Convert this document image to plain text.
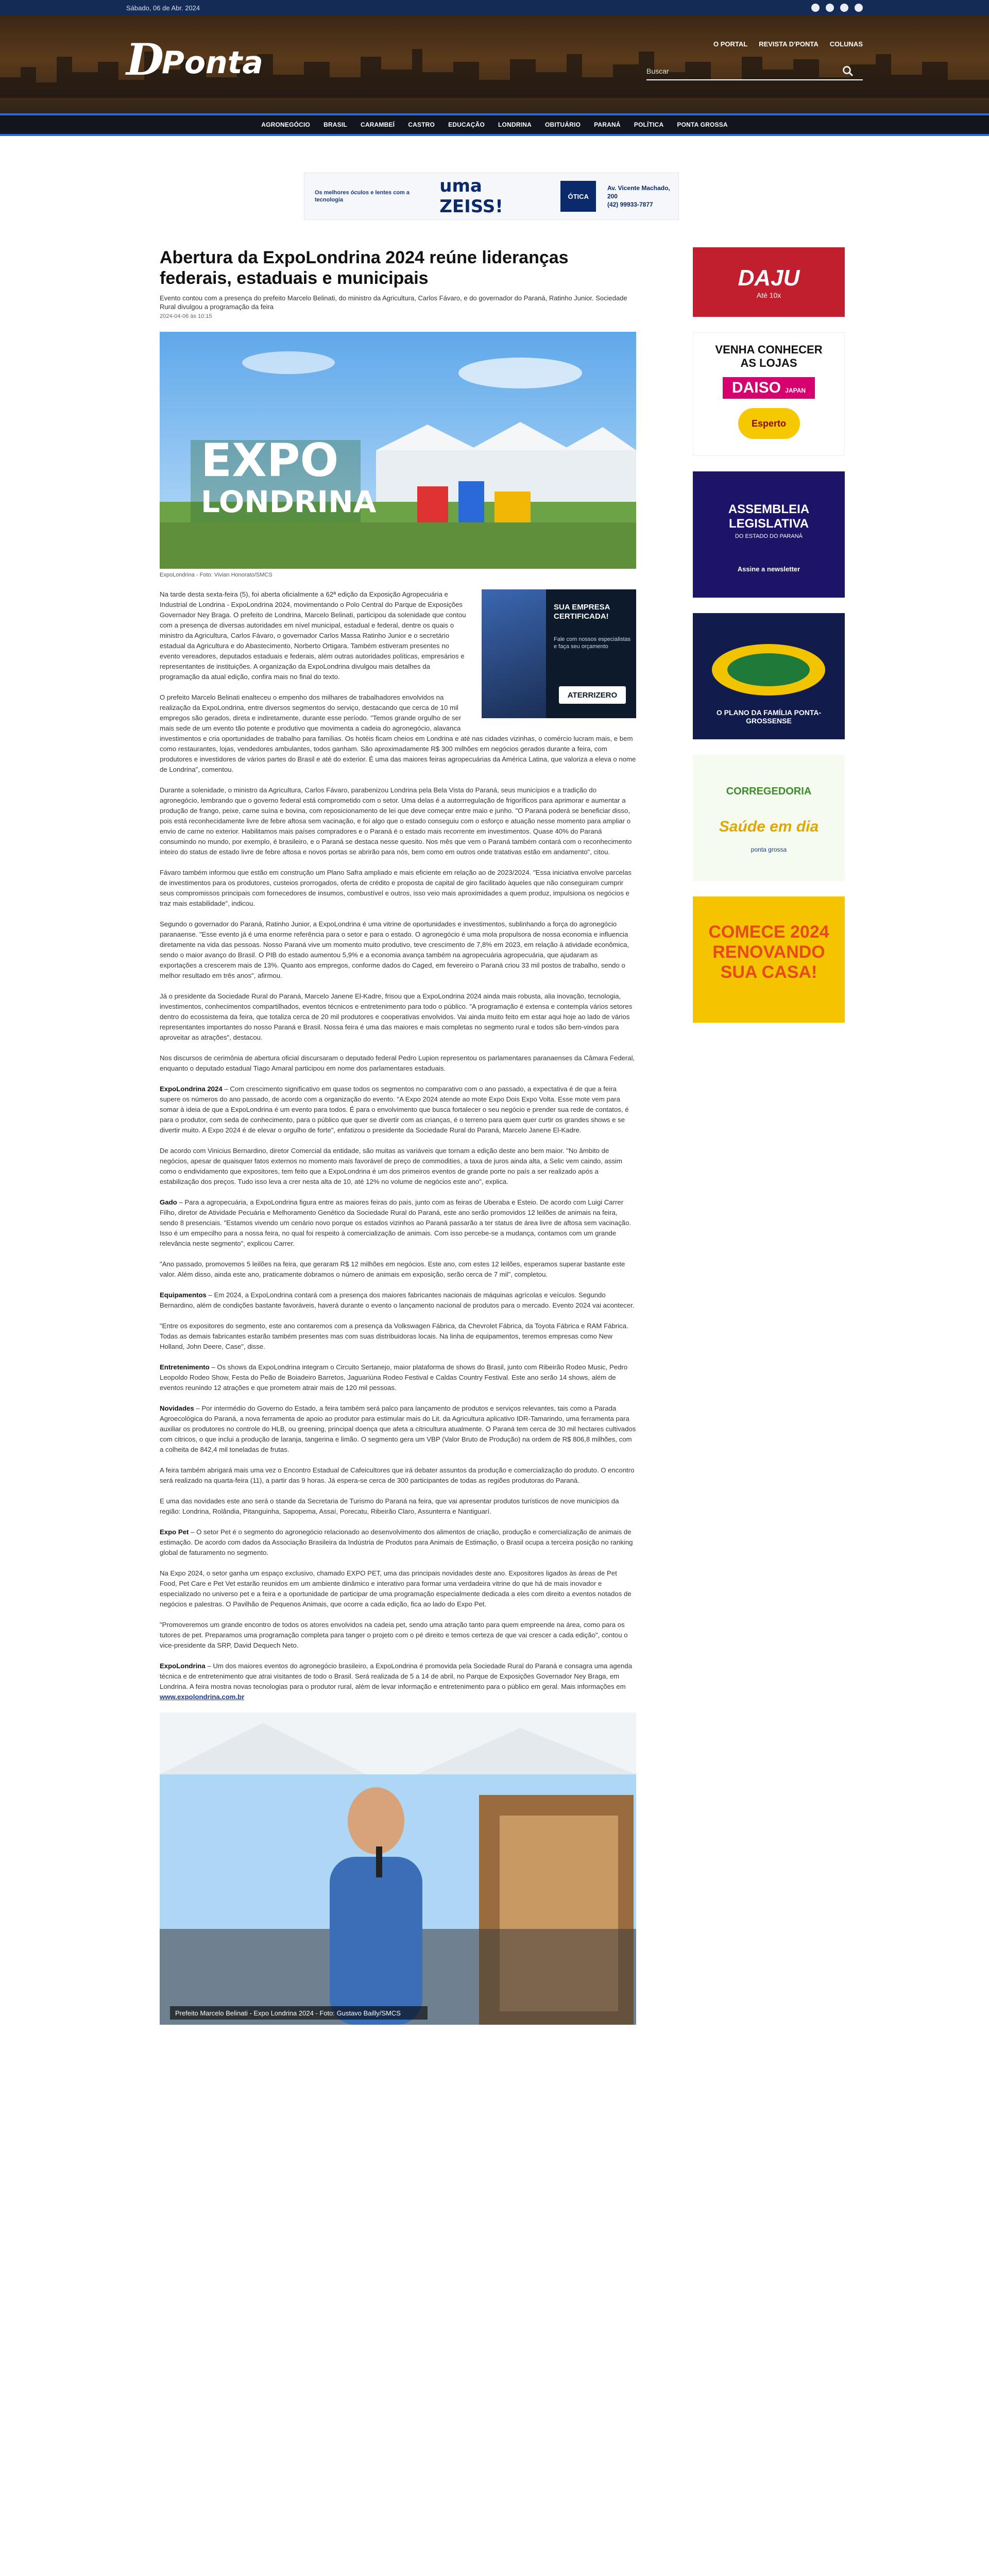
Sábado, 06 de Abr. 2024
D
Ponta
O PORTAL REVISTA D'PONTA COLUNAS
Buscar
AGRONEGÓCIO BRASIL CARAMBEÍ CASTRO EDUCAÇÃO LONDRINA OBITUÁRIO PARANÁ POLÍTICA PONTA GROSSA
Os melhores óculos e lentes com a tecnologia
uma ZEISS!	ÓTICA
Av. Vicente Machado, 200
(42) 99933-7877
Abertura da ExpoLondrina 2024 reúne lideranças federais, estaduais e municipais
Evento contou com a presença do prefeito Marcelo Belinati, do ministro da Agricultura, Carlos Fávaro, e do governador do Paraná, Ratinho Junior. Sociedade Rural divulgou a programação da feira
2024-04-06 às 10:15
EXPO
LONDRINA
ExpoLondrina - Foto: Vivian Honorato/SMCS
SUA EMPRESA CERTIFICADA!
Fale com nossos especialistas e faça seu orçamento
ATERRIZERO

Na tarde desta sexta-feira (5), foi aberta oficialmente a 62ª edição da Exposição Agropecuária e Industrial de Londrina - ExpoLondrina 2024, movimentando o Polo Central do Parque de Exposições Governador Ney Braga. O prefeito de Londrina, Marcelo Belinati, participou da solenidade que contou com a presença de diversas autoridades em nível municipal, estadual e federal, dentre os quais o ministro da Agricultura, Carlos Fávaro, o governador Carlos Massa Ratinho Junior e o secretário estadual da Agricultura e do Abastecimento, Norberto Ortigara. Também estiveram presentes no evento vereadores, deputados estaduais e federais, além outras autoridades políticas, empresários e representantes de instituições. A organização da ExpoLondrina divulgou mais detalhes da programação da atual edição, confira mais no final do texto.

O prefeito Marcelo Belinati enalteceu o empenho dos milhares de trabalhadores envolvidos na realização da ExpoLondrina, entre diversos segmentos do serviço, destacando que cerca de 10 mil empregos são gerados, direta e indiretamente, durante esse período. "Temos grande orgulho de ser mais sede de um evento tão potente e produtivo que movimenta a cadeia do agronegócio, alavanca investimentos e cria oportunidades de trabalho para famílias. Os hotéis ficam cheios em Londrina e até nas cidades vizinhas, o comércio lucram mais, e bem como restaurantes, lojas, vendedores ambulantes, todos ganham. São aproximadamente R$ 300 milhões em negócios gerados durante a feira, com produtores e investidores de vários partes do Brasil e até do exterior. É uma das maiores feiras agropecuárias da América Latina, que valoriza a eleva o nome de Londrina", comentou.

Durante a solenidade, o ministro da Agricultura, Carlos Fávaro, parabenizou Londrina pela Bela Vista do Paraná, seus municípios e a tradição do agronegócio, lembrando que o governo federal está comprometido com o setor. Uma delas é a autorrregulação de frigoríficos para aprimorar e aumentar a produção de frango, peixe, carne suína e bovina, com reposicionamento de lei que deve começar entre maio e junho. "O Paraná poderá se beneficiar disso, pois está reconhecidamente livre de febre aftosa sem vacinação, e foi algo que o estado conseguiu com o esforço e atuação nesse momento para ampliar o envio de carne no exterior. Habilitamos mais países compradores e o Paraná é o estado mais recorrente em investimentos. Quase 40% do Paraná consumindo no mundo, por exemplo, é brasileiro, e o Paraná se destaca nesse quesito. Nos mês que vem o Paraná também contará com o reconhecimento inteiro do status de estado livre de febre aftosa e novos portas se abrirão para nós, bem como em outros onde tratativas estão em andamento", citou.

Fávaro também informou que estão em construção um Plano Safra ampliado e mais eficiente em relação ao de 2023/2024. "Essa iniciativa envolve parcelas de investimentos para os produtores, custeios prorrogados, oferta de crédito e proposta de capital de giro facilitado àqueles que não conseguiram cumprir seus compromissos principais com fornecedores de insumos, combustível e outros, isso veio mais aproximidades a quem produz, impulsiona os negócios e traz mais estabilidade", indicou.

Segundo o governador do Paraná, Ratinho Junior, a ExpoLondrina é uma vitrine de oportunidades e investimentos, sublinhando a força do agronegócio paranaense. "Esse evento já é uma enorme referência para o setor e para o estado. O agronegócio é uma mola propulsora de nossa economia e influencia diretamente na vida das pessoas. Nosso Paraná vive um momento muito produtivo, teve crescimento de 7,8% em 2023, em relação à atividade econômica, sendo o maior avanço do Brasil. O PIB do estado aumentou 5,9% e a economia avança também na agropecuária agropecuária, que ajudaram as exportações a crescerem mais de 13%. Quanto aos empregos, conforme dados do Caged, em fevereiro o Paraná criou 33 mil postos de trabalho, sendo o melhor resultado em três anos", afirmou.

Já o presidente da Sociedade Rural do Paraná, Marcelo Janene El-Kadre, frisou que a ExpoLondrina 2024 ainda mais robusta, alia inovação, tecnologia, investimentos, conhecimentos compartilhados, eventos técnicos e entretenimento para todo o público. "A programação é extensa e contempla vários setores dentro do ecossistema da feira, que totaliza cerca de 20 mil produtores e cooperativas envolvidos. Vai ainda muito feito em estar aqui hoje ao lado de vários representantes importantes do nosso Paraná e Brasil. Nossa feira é uma das maiores e mais completas no segmento rural e todos são bem-vindos para aproveitar as atrações", destacou.

Nos discursos de cerimônia de abertura oficial discursaram o deputado federal Pedro Lupion representou os parlamentares paranaenses da Câmara Federal, enquanto o deputado estadual Tiago Amaral participou em nome dos parlamentares estaduais.

ExpoLondrina 2024 – Com crescimento significativo em quase todos os segmentos no comparativo com o ano passado, a expectativa é de que a feira supere os números do ano passado, de acordo com a organização do evento. "A Expo 2024 atende ao mote Expo Dois Expo Volta. Esse mote vem para somar à ideia de que a ExpoLondrina é um evento para todos. É para o envolvimento que busca fortalecer o seu negócio e prender sua rede de contatos, é para o produtor, com seda de conhecimento, para o público que quer se divertir com as crianças, é o terreno para quem quer curtir os grandes shows e se divertir muito. A Expo 2024 é de elevar o orgulho de forte", enfatizou o presidente da Sociedade Rural do Paraná, Marcelo Janene El-Kadre.

De acordo com Vinicius Bernardino, diretor Comercial da entidade, são muitas as variáveis que tornam a edição deste ano bem maior. "No âmbito de negócios, apesar de quaisquer fatos externos no momento mais favorável de preço de commodities, a taxa de juros ainda alta, a Selic vem caindo, assim como o endividamento que expositores, tem feito que a ExpoLondrina é um dos primeiros eventos de grande porte no país a ser realizado após a estabilização dos preços. Tudo isso leva a crer nesta alta de 10, até 12% no volume de negócios este ano", explica.

Gado – Para a agropecuária, a ExpoLondrina figura entre as maiores feiras do país, junto com as feiras de Uberaba e Esteio. De acordo com Luigi Carrer Filho, diretor de Atividade Pecuária e Melhoramento Genético da Sociedade Rural do Paraná, este ano serão promovidos 12 leilões de animais na feira, sendo 8 presenciais. "Estamos vivendo um cenário novo porque os estados vizinhos ao Paraná passarão a ter status de área livre de aftosa sem vacinação. Isso é um empecilho para a nossa feira, no qual foi respeito à comercialização de animais. Com isso percebe-se a mudança, contamos com um grande relevância neste segmento", explicou Carrer.

"Ano passado, promovemos 5 leilões na feira, que geraram R$ 12 milhões em negócios. Este ano, com estes 12 leilões, esperamos superar bastante este valor. Além disso, ainda este ano, praticamente dobramos o número de animais em exposição, serão cerca de 7 mil", completou.

Equipamentos – Em 2024, a ExpoLondrina contará com a presença dos maiores fabricantes nacionais de máquinas agrícolas e veículos. Segundo Bernardino, além de condições bastante favoráveis, haverá durante o evento o lançamento nacional de produtos para o mercado. Evento 2024 vai acontecer.

"Entre os expositores do segmento, este ano contaremos com a presença da Volkswagen Fábrica, da Chevrolet Fábrica, da Toyota Fábrica e RAM Fábrica. Todas as demais fabricantes estarão também presentes mas com suas distribuidoras locais. Na linha de equipamentos, teremos empresas como New Holland, John Deere, Case", disse.

Entretenimento – Os shows da ExpoLondrina integram o Circuito Sertanejo, maior plataforma de shows do Brasil, junto com Ribeirão Rodeo Music, Pedro Leopoldo Rodeo Show, Festa do Peão de Boiadeiro Barretos, Jaguariúna Rodeo Festival e Caldas Country Festival. Este ano serão 14 shows, além de eventos reunindo 12 atrações e que prometem atrair mais de 120 mil pessoas.

Novidades – Por intermédio do Governo do Estado, a feira também será palco para lançamento de produtos e serviços relevantes, tais como a Parada Agroecológica do Paraná, a nova ferramenta de apoio ao produtor para estimular mais do Lit. da Agricultura aplicativo IDR-Tamarindo, uma ferramenta para auxiliar os produtores no controle do HLB, ou greening, principal doença que afeta a citricultura atualmente. O Paraná tem cerca de 30 mil hectares cultivados com citricos, o que inclui a produção de laranja, tangerina e limão. O segmento gera um VBP (Valor Bruto de Produção) na ordem de R$ 806,8 milhões, com a colheita de 842,4 mil toneladas de frutas.

A feira também abrigará mais uma vez o Encontro Estadual de Cafeicultores que irá debater assuntos da produção e comercialização do produto. O encontro será realizado na quarta-feira (11), a partir das 9 horas. Já espera-se cerca de 300 participantes de todas as regiões produtoras do Paraná.

E uma das novidades este ano será o stande da Secretaria de Turismo do Paraná na feira, que vai apresentar produtos turísticos de nove municípios da região: Londrina, Rolândia, Pitanguinha, Sapopema, Assaí, Porecatu, Ribeirão Claro, Assunterra e Nantiguarí.

Expo Pet – O setor Pet é o segmento do agronegócio relacionado ao desenvolvimento dos alimentos de criação, produção e comercialização de animais de estimação. De acordo com dados da Associação Brasileira da Indústria de Produtos para Animais de Estimação, o Brasil ocupa a terceira posição no ranking global de faturamento no segmento.

Na Expo 2024, o setor ganha um espaço exclusivo, chamado EXPO PET, uma das principais novidades deste ano. Expositores ligados às áreas de Pet Food, Pet Care e Pet Vet estarão reunidos em um ambiente dinâmico e interativo para formar uma verdadeira vitrine do que há de mais inovador e especializado no universo pet e a feira e a oportunidade de participar de uma programação especialmente dedicada a eles com direito a eventos notados de negócios e palestras. O Pavilhão de Pequenos Animais, que ocorre a cada edição, fica ao lado do Expo Pet.

"Promoveremos um grande encontro de todos os atores envolvidos na cadeia pet, sendo uma atração tanto para quem empreende na área, como para os tutores de pet. Preparamos uma programação completa para tanger o projeto com o pé direito e temos certeza de que vai crescer a cada edição", contou o vice-presidente da SRP, David Dequech Neto.

ExpoLondrina – Um dos maiores eventos do agronegócio brasileiro, a ExpoLondrina é promovida pela Sociedade Rural do Paraná e consagra uma agenda técnica e de entretenimento que atrai visitantes de todo o Brasil. Será realizada de 5 a 14 de abril, no Parque de Exposições Governador Ney Braga, em Londrina. A feira mostra novas tecnologias para o produtor rural, além de levar informação e entretenimento para o público em geral. Mais informações em www.expolondrina.com.br

Prefeito Marcelo Belinati - Expo Londrina 2024 - Foto: Gustavo Bailly/SMCS
DAJU
Até 10x
VENHA CONHECER
AS LOJAS
DAISO JAPAN
Esperto
ASSEMBLEIA LEGISLATIVA
DO ESTADO DO PARANÁ
Assine a newsletter
O PLANO DA FAMÍLIA PONTA-GROSSENSE
CORREGEDORIA
Saúde em dia
ponta grossa
COMECE 2024
RENOVANDO
SUA CASA!
